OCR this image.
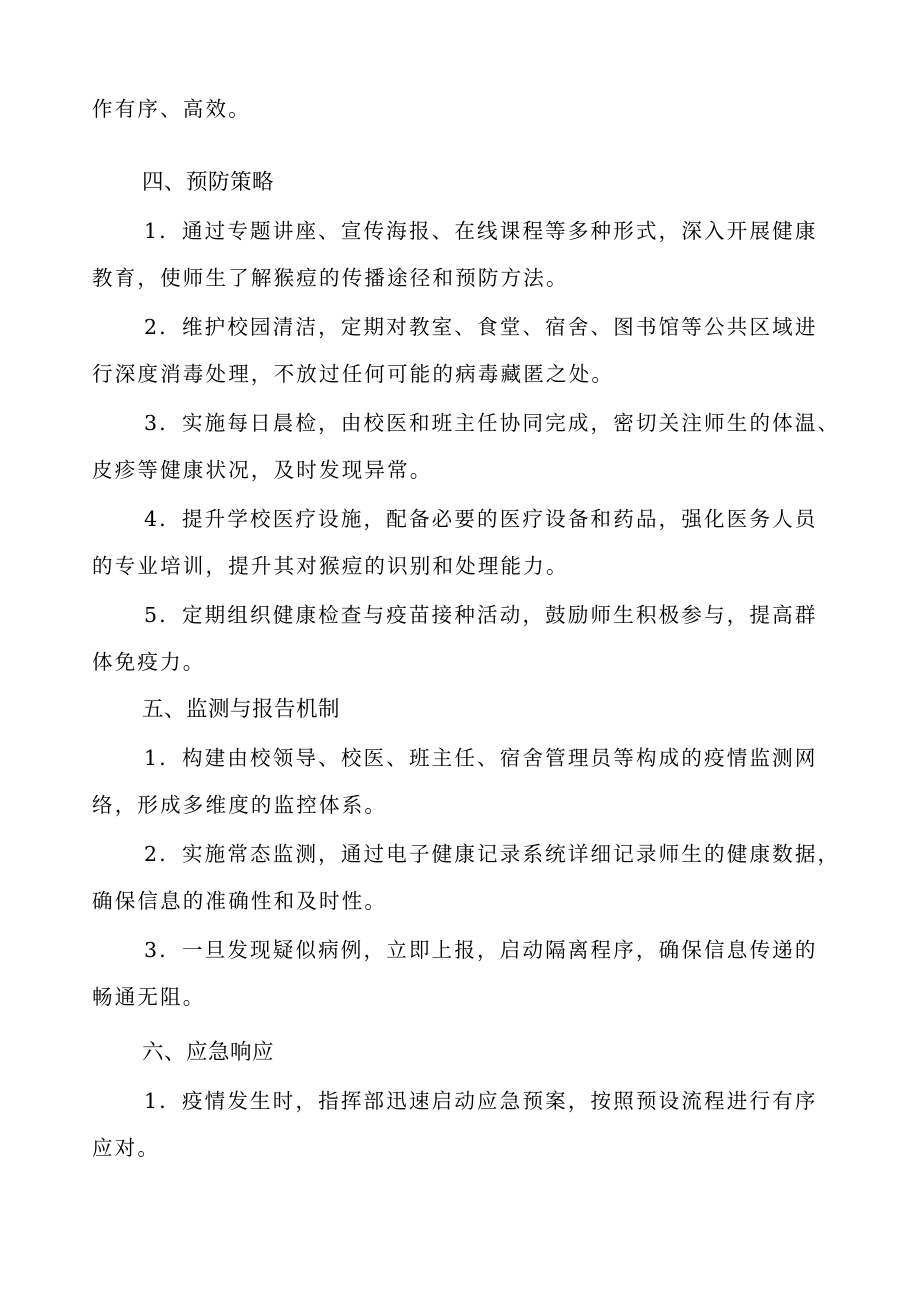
作有序、高效。

四、预防策略

1．通过专题讲座、宣传海报、在线课程等多种形式，深入开展健康

教育，使师生了解猴痘的传播途径和预防方法。

2．维护校园清洁，定期对教室、食堂、宿舍、图书馆等公共区域进

行深度消毒处理，不放过任何可能的病毒藏匿之处。

3．实施每日晨检，由校医和班主任协同完成，密切关注师生的体温、

皮疹等健康状况，及时发现异常。

4．提升学校医疗设施，配备必要的医疗设备和药品，强化医务人员

的专业培训，提升其对猴痘的识别和处理能力。

5．定期组织健康检查与疫苗接种活动，鼓励师生积极参与，提高群

体免疫力。

五、监测与报告机制

1．构建由校领导、校医、班主任、宿舍管理员等构成的疫情监测网

络，形成多维度的监控体系。

2．实施常态监测，通过电子健康记录系统详细记录师生的健康数据，

确保信息的准确性和及时性。

3．一旦发现疑似病例，立即上报，启动隔离程序，确保信息传递的

畅通无阻。

六、应急响应

1．疫情发生时，指挥部迅速启动应急预案，按照预设流程进行有序

应对。
